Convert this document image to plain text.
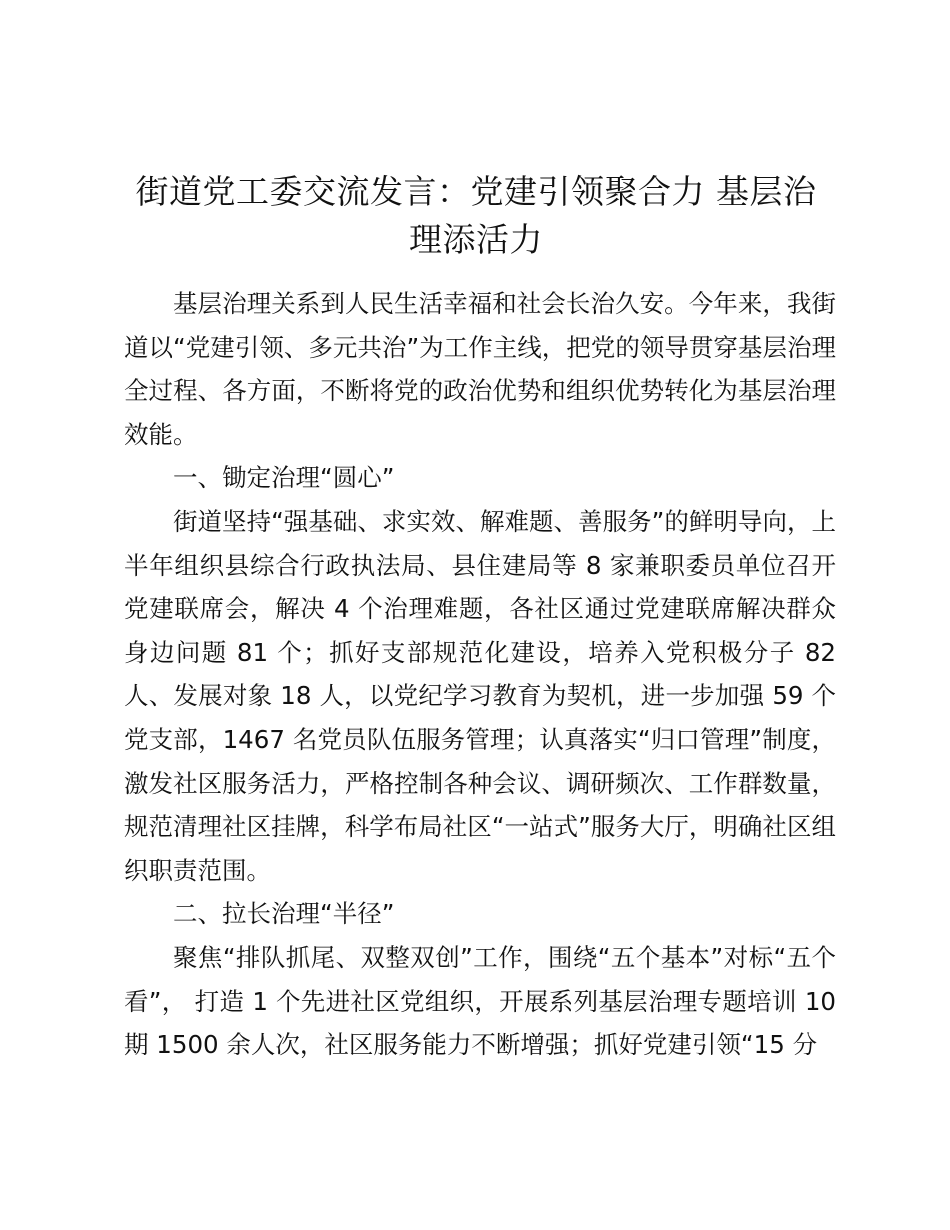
街道党工委交流发言：党建引领聚合力 基层治理添活力

基层治理关系到人民生活幸福和社会长治久安。今年来，我街道以“党建引领、多元共治”为工作主线，把党的领导贯穿基层治理全过程、各方面，不断将党的政治优势和组织优势转化为基层治理效能。

一、锄定治理“圆心”

街道坚持“强基础、求实效、解难题、善服务”的鲜明导向，上半年组织县综合行政执法局、县住建局等 8 家兼职委员单位召开党建联席会，解决 4 个治理难题，各社区通过党建联席解决群众身边问题 81 个；抓好支部规范化建设，培养入党积极分子 82 人、发展对象 18 人，以党纪学习教育为契机，进一步加强 59 个党支部，1467 名党员队伍服务管理；认真落实“归口管理”制度，激发社区服务活力，严格控制各种会议、调研频次、工作群数量，规范清理社区挂牌，科学布局社区“一站式”服务大厅，明确社区组织职责范围。

二、拉长治理“半径”

聚焦“排队抓尾、双整双创”工作，围绕“五个基本”对标“五个看”， 打造 1 个先进社区党组织，开展系列基层治理专题培训 10 期 1500 余人次，社区服务能力不断增强；抓好党建引领“15 分
